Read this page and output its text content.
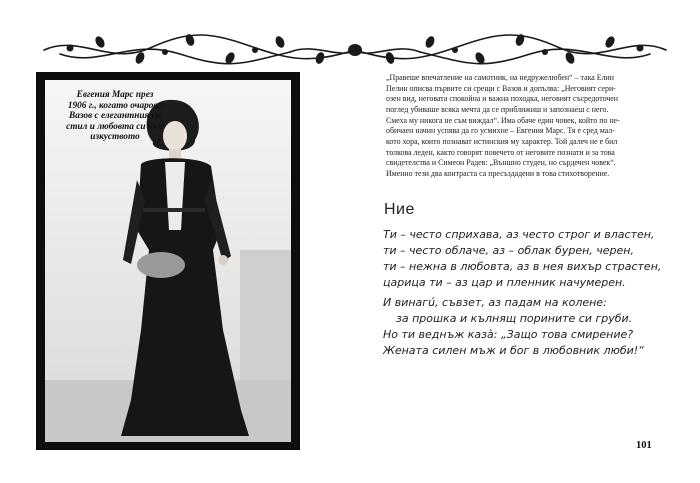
Евгения Марс през
1906 г., когато очарова
Вазов с елегантния си
стил и любовта си към
изкуството
„Правеше впечатление на самотник, на недружелюбен“ – така Елин
Пелин описва първите си срещи с Вазов и допълва: „Неговият сери-
озен вид, неговата спокойна и важна походка, неговият съсредоточен
поглед убиваше всяка мечта да се приближиш и запознаеш с него.
Смеха му никога не съм виждал“. Има обаче един човек, който по не-
обичаен начин успява да го усмихне – Евгения Марс. Тя е сред мал-
кото хора, които познават истинския му характер. Той далеч не е бил
толкова леден, както говорят повечето от неговите познати и за това
свидетелства и Симеон Радев: „Външно студен, но сърдечен човек“.
Именно тези два контраста са пресъздадени в това стихотворение.
Ние
Ти – често сприхава, аз често строг и властен,
ти – често облаче, аз – облак бурен, черен,
ти – нежна в любовта, аз в нея вихър страстен,
царица ти – аз цар и пленник начумерен.
И винагú, съвзет, аз падам на колене:
за прошка и кълнящ порините си груби.
Но ти веднъж казà: „Защо това смирение?
Жената силен мъж и бог в любовник люби!“
101
